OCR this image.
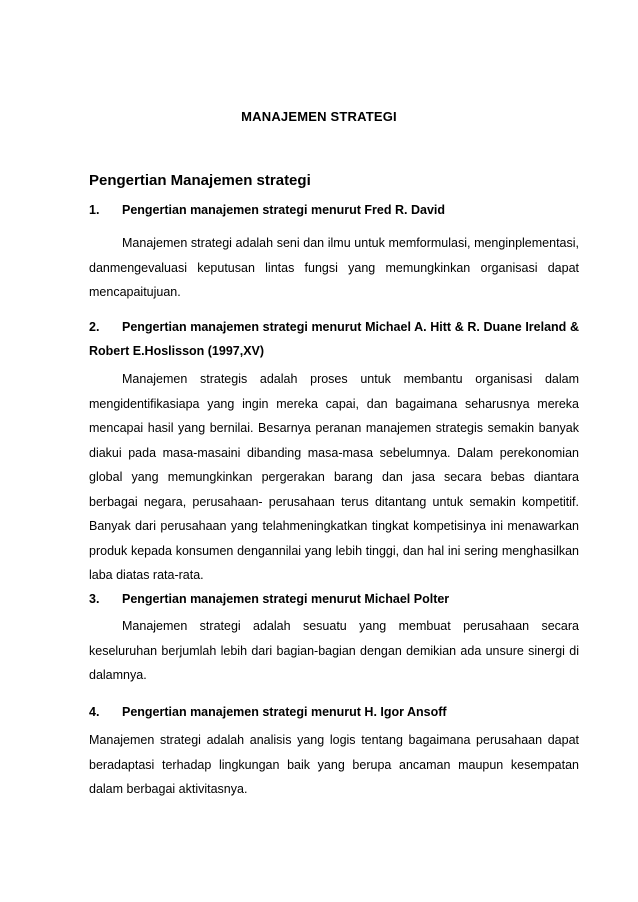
MANAJEMEN STRATEGI
Pengertian Manajemen strategi
1.	Pengertian manajemen strategi menurut Fred R. David

Manajemen strategi adalah seni dan ilmu untuk memformulasi, menginplementasi, danmengevaluasi keputusan lintas fungsi yang memungkinkan organisasi dapat mencapaitujuan.

2.	Pengertian manajemen strategi menurut Michael A. Hitt & R. Duane Ireland & Robert E.Hoslisson (1997,XV)

Manajemen strategis adalah proses untuk membantu organisasi dalam mengidentifikasiapa yang ingin mereka capai, dan bagaimana seharusnya mereka mencapai hasil yang bernilai. Besarnya peranan manajemen strategis semakin banyak diakui pada masa-masaini dibanding masa-masa sebelumnya. Dalam perekonomian global yang memungkinkan pergerakan barang dan jasa secara bebas diantara berbagai negara, perusahaan- perusahaan terus ditantang untuk semakin kompetitif. Banyak dari perusahaan yang telahmeningkatkan tingkat kompetisinya ini menawarkan produk kepada konsumen dengannilai yang lebih tinggi, dan hal ini sering menghasilkan laba diatas rata-rata.

3.	Pengertian manajemen strategi menurut Michael Polter

Manajemen strategi adalah sesuatu yang membuat perusahaan secara keseluruhan berjumlah lebih dari bagian-bagian dengan demikian ada unsure sinergi di dalamnya.

4.	Pengertian manajemen strategi menurut H. Igor Ansoff

Manajemen strategi adalah analisis yang logis tentang bagaimana perusahaan dapat beradaptasi terhadap lingkungan baik yang berupa ancaman maupun kesempatan dalam berbagai aktivitasnya.
